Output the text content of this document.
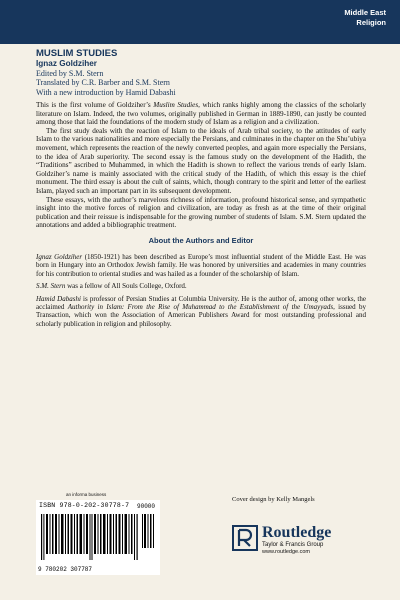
Middle East
Religion
MUSLIM STUDIES
Ignaz Goldziher
Edited by S.M. Stern
Translated by C.R. Barber and S.M. Stern
With a new introduction by Hamid Dabashi

This is the first volume of Goldziher’s Muslim Studies, which ranks highly among the classics of the scholarly literature on Islam. Indeed, the two volumes, originally published in German in 1889-1890, can justly be counted among those that laid the foundations of the modern study of Islam as a religion and a civilization.

The first study deals with the reaction of Islam to the ideals of Arab tribal society, to the attitudes of early Islam to the various nationalities and more especially the Persians, and culminates in the chapter on the Shu’ubiya movement, which represents the reaction of the newly converted peoples, and again more especially the Persians, to the idea of Arab superiority. The second essay is the famous study on the development of the Hadith, the “Traditions” ascribed to Muhammed, in which the Hadith is shown to reflect the various trends of early Islam. Goldziher’s name is mainly associated with the critical study of the Hadith, of which this essay is the chief monument. The third essay is about the cult of saints, which, though contrary to the spirit and letter of the earliest Islam, played such an important part in its subsequent development.

These essays, with the author’s marvelous richness of information, profound historical sense, and sympathetic insight into the motive forces of religion and civilization, are today as fresh as at the time of their original publication and their reissue is indispensable for the growing number of students of Islam. S.M. Stern updated the annotations and added a bibliographic treatment.

About the Authors and Editor

Ignaz Goldziher (1850-1921) has been described as Europe’s most influential student of the Middle East. He was born in Hungary into an Orthodox Jewish family. He was honored by universities and academies in many countries for his contribution to oriental studies and was hailed as a founder of the scholarship of Islam.

S.M. Stern was a fellow of All Souls College, Oxford.

Hamid Dabashi is professor of Persian Studies at Columbia University. He is the author of, among other works, the acclaimed Authority in Islam: From the Rise of Muhammad to the Establishment of the Umayyads, issued by Transaction, which won the Association of American Publishers Award for most outstanding professional and scholarly publication in religion and philosophy.

an informa business
ISBN 978-0-202-30778-7 90000
9 780202 307787
Cover design by Kelly Mangels
Routledge
Taylor & Francis Group
www.routledge.com
